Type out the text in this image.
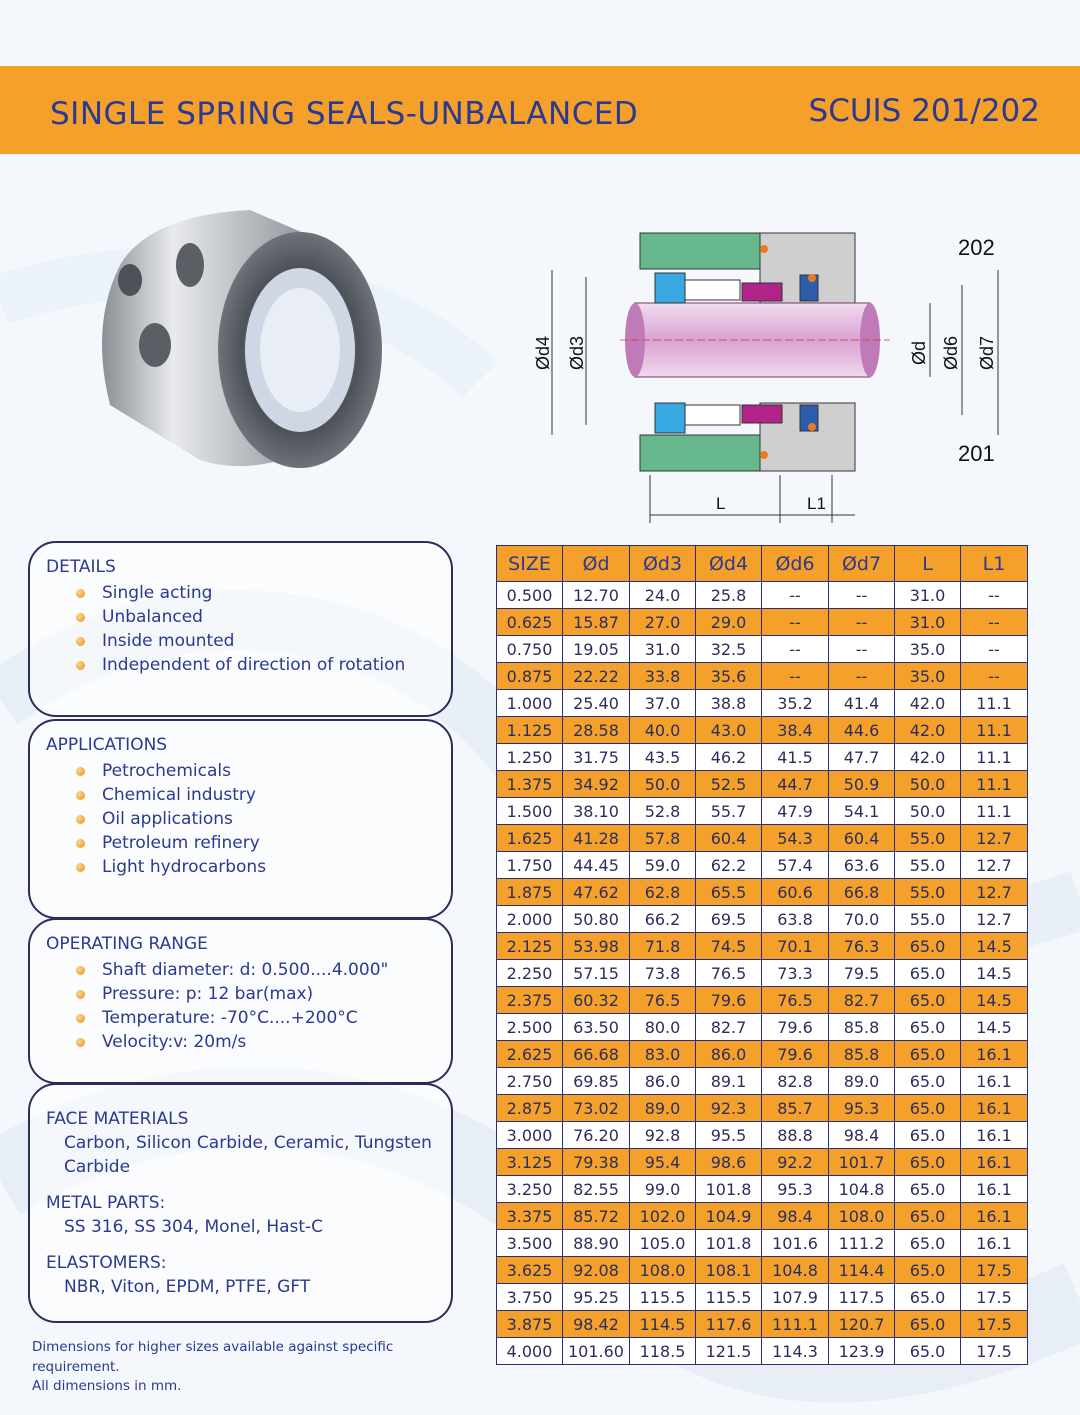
SINGLE SPRING SEALS-UNBALANCED	SCUIS 201/202
202
201
Ød4 Ød3	Ød Ød6 Ød7
L	L1
DETAILS
Single acting
Unbalanced
Inside mounted
Independent of direction of rotation
APPLICATIONS
Petrochemicals
Chemical industry
Oil applications
Petroleum refinery
Light hydrocarbons
OPERATING RANGE
Shaft diameter: d: 0.500....4.000"
Pressure: p: 12 bar(max)
Temperature: -70°C....+200°C
Velocity:v: 20m/s
FACE MATERIALS
Carbon, Silicon Carbide, Ceramic, Tungsten Carbide
METAL PARTS:
SS 316, SS 304, Monel, Hast-C
ELASTOMERS:
NBR, Viton, EPDM, PTFE, GFT
Dimensions for higher sizes available against specific requirement.
All dimensions in mm.
SIZE	Ød	Ød3	Ød4	Ød6	Ød7	L	L1
0.500	12.70	24.0	25.8	--	--	31.0	--
0.625	15.87	27.0	29.0	--	--	31.0	--
0.750	19.05	31.0	32.5	--	--	35.0	--
0.875	22.22	33.8	35.6	--	--	35.0	--
1.000	25.40	37.0	38.8	35.2	41.4	42.0	11.1
1.125	28.58	40.0	43.0	38.4	44.6	42.0	11.1
1.250	31.75	43.5	46.2	41.5	47.7	42.0	11.1
1.375	34.92	50.0	52.5	44.7	50.9	50.0	11.1
1.500	38.10	52.8	55.7	47.9	54.1	50.0	11.1
1.625	41.28	57.8	60.4	54.3	60.4	55.0	12.7
1.750	44.45	59.0	62.2	57.4	63.6	55.0	12.7
1.875	47.62	62.8	65.5	60.6	66.8	55.0	12.7
2.000	50.80	66.2	69.5	63.8	70.0	55.0	12.7
2.125	53.98	71.8	74.5	70.1	76.3	65.0	14.5
2.250	57.15	73.8	76.5	73.3	79.5	65.0	14.5
2.375	60.32	76.5	79.6	76.5	82.7	65.0	14.5
2.500	63.50	80.0	82.7	79.6	85.8	65.0	14.5
2.625	66.68	83.0	86.0	79.6	85.8	65.0	16.1
2.750	69.85	86.0	89.1	82.8	89.0	65.0	16.1
2.875	73.02	89.0	92.3	85.7	95.3	65.0	16.1
3.000	76.20	92.8	95.5	88.8	98.4	65.0	16.1
3.125	79.38	95.4	98.6	92.2	101.7	65.0	16.1
3.250	82.55	99.0	101.8	95.3	104.8	65.0	16.1
3.375	85.72	102.0	104.9	98.4	108.0	65.0	16.1
3.500	88.90	105.0	101.8	101.6	111.2	65.0	16.1
3.625	92.08	108.0	108.1	104.8	114.4	65.0	17.5
3.750	95.25	115.5	115.5	107.9	117.5	65.0	17.5
3.875	98.42	114.5	117.6	111.1	120.7	65.0	17.5
4.000	101.60	118.5	121.5	114.3	123.9	65.0	17.5
